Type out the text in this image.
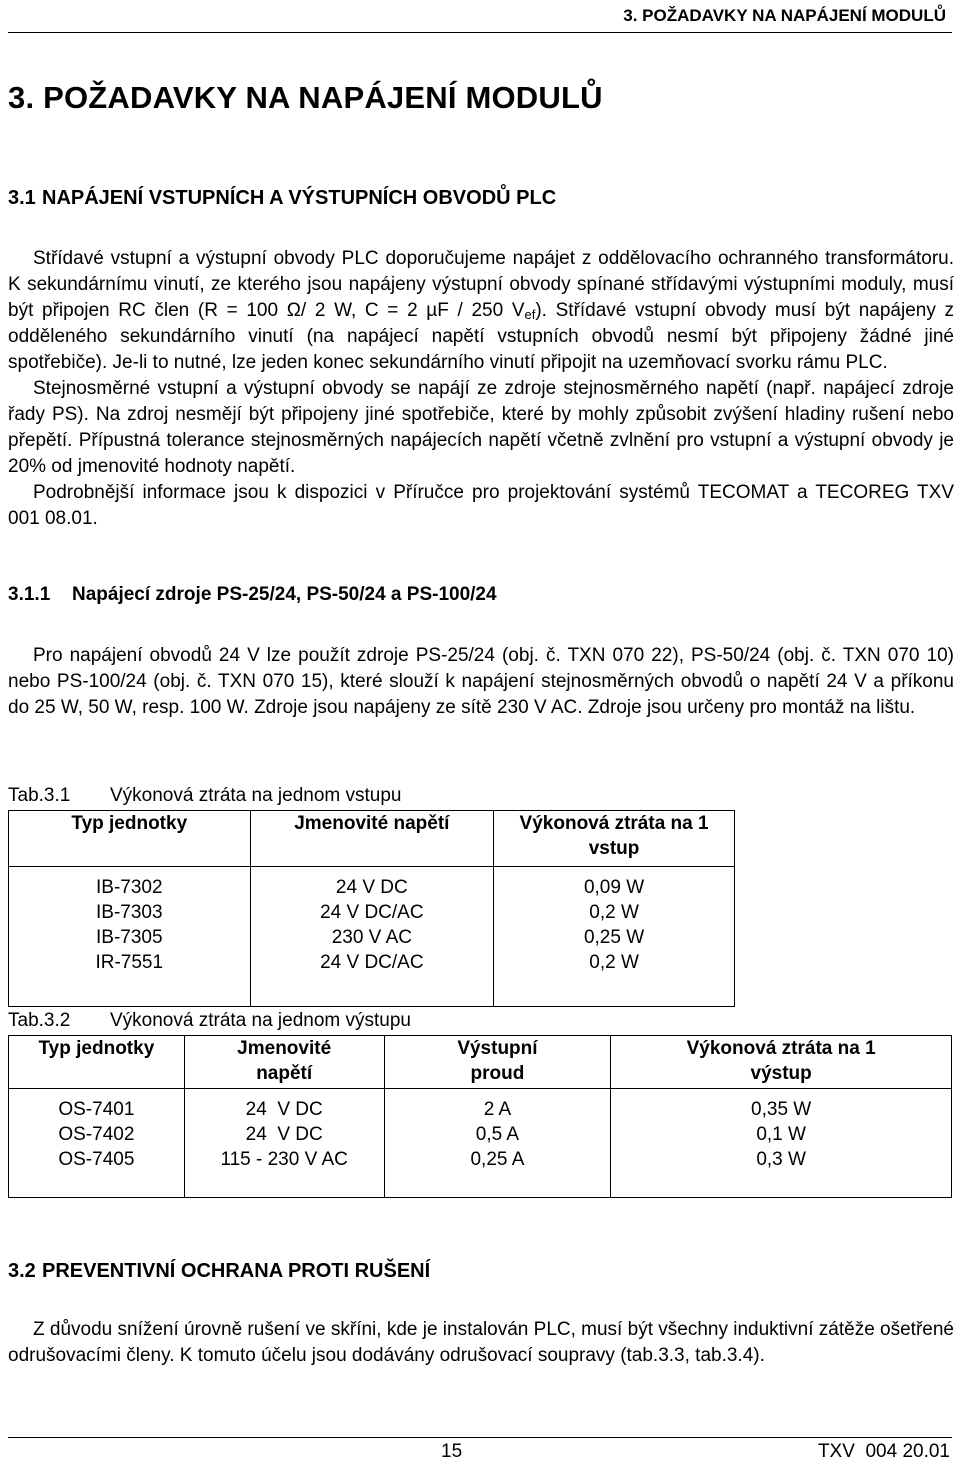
3. POŽADAVKY NA NAPÁJENÍ MODULŮ
3. POŽADAVKY NA NAPÁJENÍ MODULŮ
3.1 NAPÁJENÍ VSTUPNÍCH A VÝSTUPNÍCH OBVODŮ PLC

Střídavé vstupní a výstupní obvody PLC doporučujeme napájet z oddělovacího ochranného transformátoru. K sekundárnímu vinutí, ze kterého jsou napájeny výstupní obvody spínané střídavými výstupními moduly, musí být připojen RC člen (R = 100 Ω/ 2 W, C = 2 µF / 250 $V_{ef}$). Střídavé vstupní obvody musí být napájeny z odděleného sekundárního vinutí (na napájecí napětí vstupních obvodů nesmí být připojeny žádné jiné spotřebiče). Je-li to nutné, lze jeden konec sekundárního vinutí připojit na uzemňovací svorku rámu PLC.

Stejnosměrné vstupní a výstupní obvody se napájí ze zdroje stejnosměrného napětí (např. napájecí zdroje řady PS). Na zdroj nesmějí být připojeny jiné spotřebiče, které by mohly způsobit zvýšení hladiny rušení nebo přepětí. Přípustná tolerance stejnosměrných napájecích napětí včetně zvlnění pro vstupní a výstupní obvody je 20% od jmenovité hodnoty napětí.

Podrobnější informace jsou k dispozici v Příručce pro projektování systémů TECOMAT a TECOREG TXV 001 08.01.

3.1.1 Napájecí zdroje PS-25/24, PS-50/24 a PS-100/24

Pro napájení obvodů 24 V lze použít zdroje PS-25/24 (obj. č. TXN 070 22), PS-50/24 (obj. č. TXN 070 10) nebo PS-100/24 (obj. č. TXN 070 15), které slouží k napájení stejnosměrných obvodů o napětí 24 V a příkonu do 25 W, 50 W, resp. 100 W. Zdroje jsou napájeny ze sítě 230 V AC. Zdroje jsou určeny pro montáž na lištu.

Tab.3.1 Výkonová ztráta na jednom vstupu
Typ jednotky	Jmenovité napětí	Výkonová ztráta na 1 vstup
IB-7302	24 V DC	0,09 W
IB-7303	24 V DC/AC	0,2 W
IB-7305	230 V AC	0,25 W
IR-7551	24 V DC/AC	0,2 W
Tab.3.2 Výkonová ztráta na jednom výstupu
Typ jednotky	Jmenovité napětí	Výstupní proud	Výkonová ztráta na 1 výstup
OS-7401	24  V DC	2 A	0,35 W
OS-7402	24  V DC	0,5 A	0,1 W
OS-7405	115 - 230 V AC	0,25 A	0,3 W
3.2 PREVENTIVNÍ OCHRANA PROTI RUŠENÍ

Z důvodu snížení úrovně rušení ve skříni, kde je instalován PLC, musí být všechny induktivní zátěže ošetřené odrušovacími členy. K tomuto účelu jsou dodávány odrušovací soupravy (tab.3.3, tab.3.4).

15	TXV  004 20.01
